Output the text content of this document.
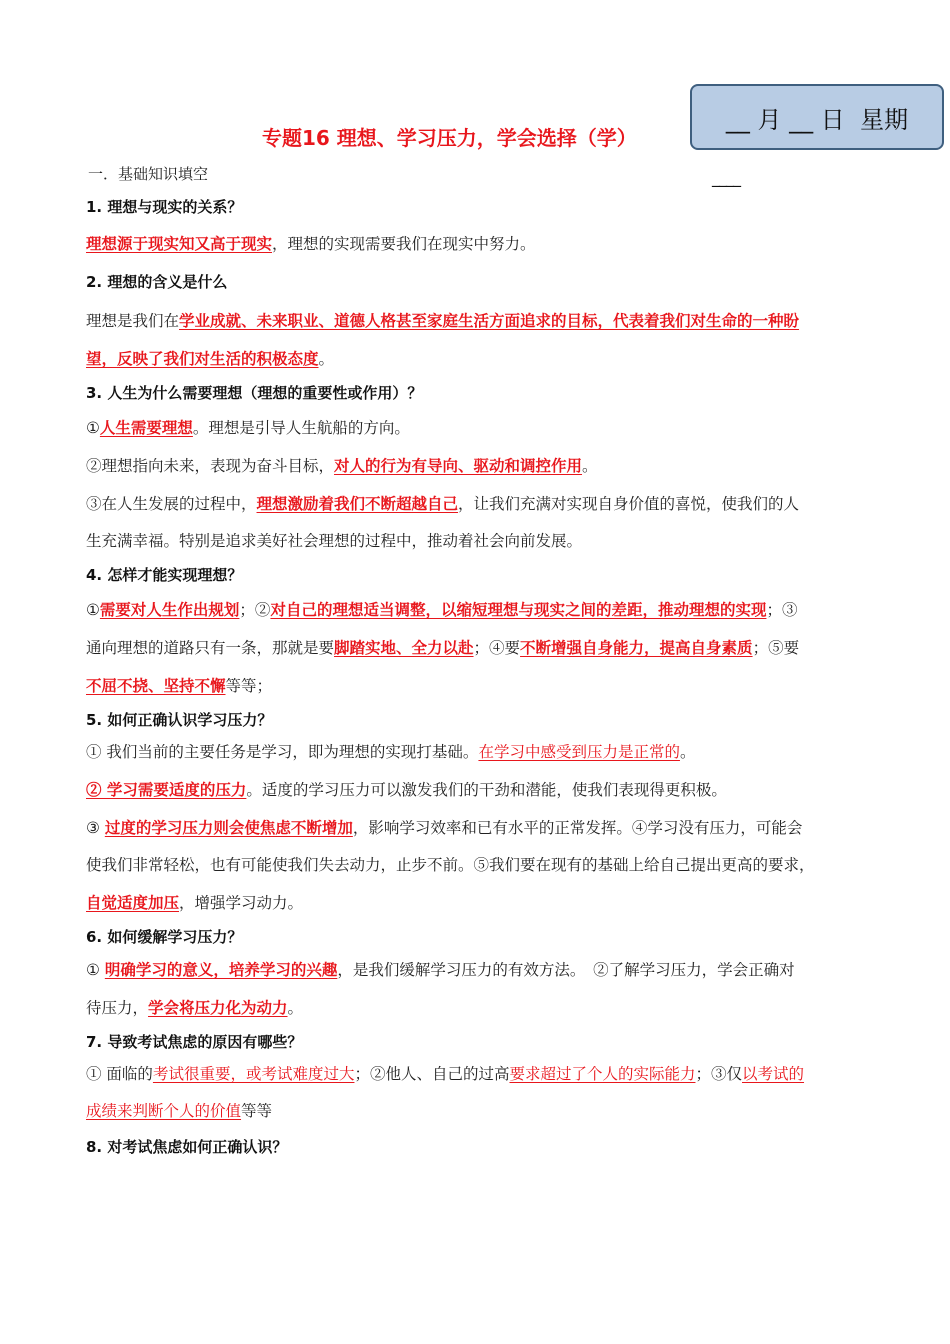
__ 月 __ 日  星期
____
专题16 理想、学习压力，学会选择（学）
一．基础知识填空

1. 理想与现实的关系？

理想源于现实知又高于现实，理想的实现需要我们在现实中努力。

2. 理想的含义是什么

理想是我们在学业成就、未来职业、道德人格甚至家庭生活方面追求的目标，代表着我们对生命的一种盼

望，反映了我们对生活的积极态度。

3. 人生为什么需要理想（理想的重要性或作用）？

①人生需要理想。理想是引导人生航船的方向。

②理想指向未来，表现为奋斗目标，对人的行为有导向、驱动和调控作用。

③在人生发展的过程中，理想激励着我们不断超越自己，让我们充满对实现自身价值的喜悦，使我们的人

生充满幸福。特别是追求美好社会理想的过程中，推动着社会向前发展。

4. 怎样才能实现理想？

①需要对人生作出规划；②对自己的理想适当调整，以缩短理想与现实之间的差距，推动理想的实现；③

通向理想的道路只有一条，那就是要脚踏实地、全力以赴；④要不断增强自身能力，提高自身素质；⑤要

不屈不挠、坚持不懈等等；

5. 如何正确认识学习压力？

① 我们当前的主要任务是学习，即为理想的实现打基础。在学习中感受到压力是正常的。

② 学习需要适度的压力。适度的学习压力可以激发我们的干劲和潜能，使我们表现得更积极。

③ 过度的学习压力则会使焦虑不断增加，影响学习效率和已有水平的正常发挥。④学习没有压力，可能会

使我们非常轻松，也有可能使我们失去动力，止步不前。⑤我们要在现有的基础上给自己提出更高的要求，

自觉适度加压，增强学习动力。

6. 如何缓解学习压力？

① 明确学习的意义，培养学习的兴趣，是我们缓解学习压力的有效方法。　②了解学习压力，学会正确对

待压力，学会将压力化为动力。

7. 导致考试焦虑的原因有哪些？

① 面临的考试很重要，或考试难度过大；②他人、自己的过高要求超过了个人的实际能力；③仅以考试的

成绩来判断个人的价值等等

8. 对考试焦虑如何正确认识？
